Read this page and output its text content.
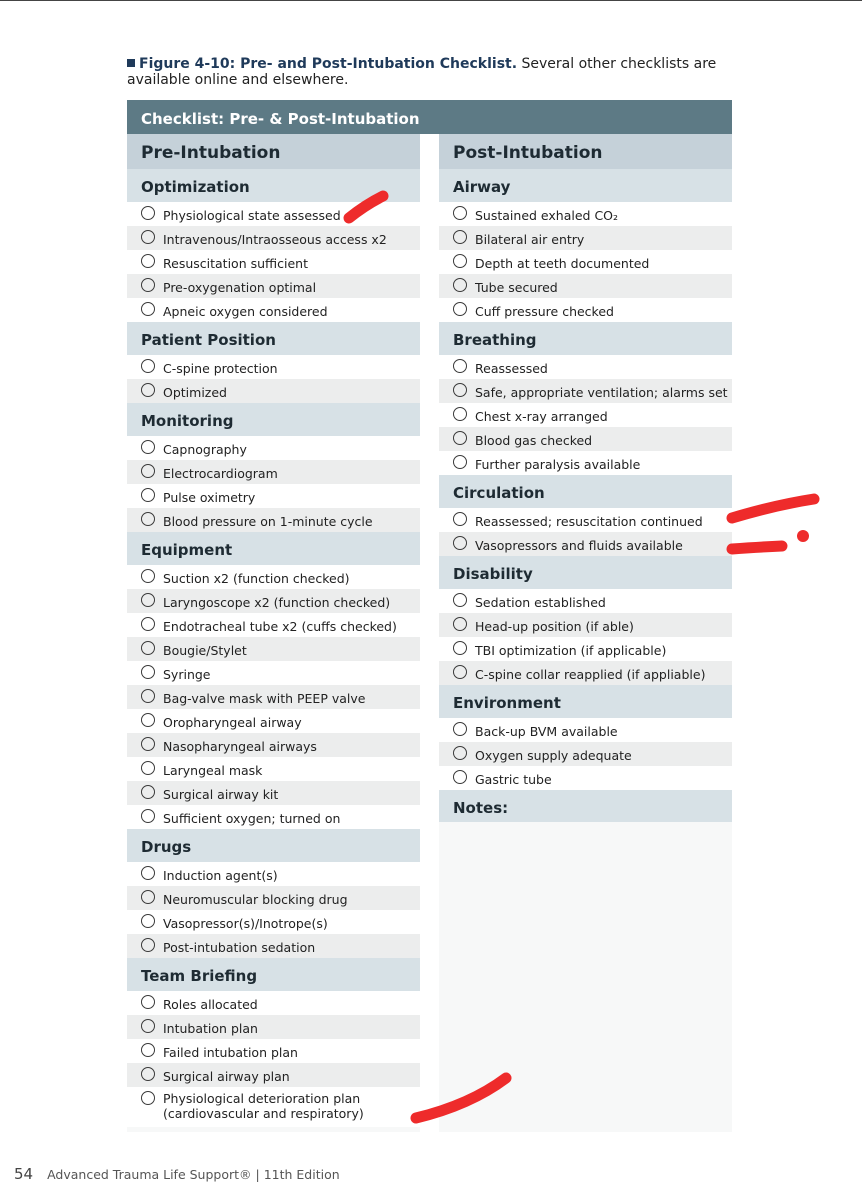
Figure 4-10: Pre- and Post-Intubation Checklist. Several other checklists are available online and elsewhere.
Checklist: Pre- & Post-Intubation
Pre-Intubation
Optimization
Physiological state assessed
Intravenous/Intraosseous access x2
Resuscitation sufficient
Pre-oxygenation optimal
Apneic oxygen considered
Patient Position
C-spine protection
Optimized
Monitoring
Capnography
Electrocardiogram
Pulse oximetry
Blood pressure on 1-minute cycle
Equipment
Suction x2 (function checked)
Laryngoscope x2 (function checked)
Endotracheal tube x2 (cuffs checked)
Bougie/Stylet
Syringe
Bag-valve mask with PEEP valve
Oropharyngeal airway
Nasopharyngeal airways
Laryngeal mask
Surgical airway kit
Sufficient oxygen; turned on
Drugs
Induction agent(s)
Neuromuscular blocking drug
Vasopressor(s)/Inotrope(s)
Post-intubation sedation
Team Briefing
Roles allocated
Intubation plan
Failed intubation plan
Surgical airway plan
Physiological deterioration plan
(cardiovascular and respiratory)
Post-Intubation
Airway
Sustained exhaled CO₂
Bilateral air entry
Depth at teeth documented
Tube secured
Cuff pressure checked
Breathing
Reassessed
Safe, appropriate ventilation; alarms set
Chest x-ray arranged
Blood gas checked
Further paralysis available
Circulation
Reassessed; resuscitation continued
Vasopressors and fluids available
Disability
Sedation established
Head-up position (if able)
TBI optimization (if applicable)
C-spine collar reapplied (if appliable)
Environment
Back-up BVM available
Oxygen supply adequate
Gastric tube
Notes:
54 Advanced Trauma Life Support® | 11th Edition
